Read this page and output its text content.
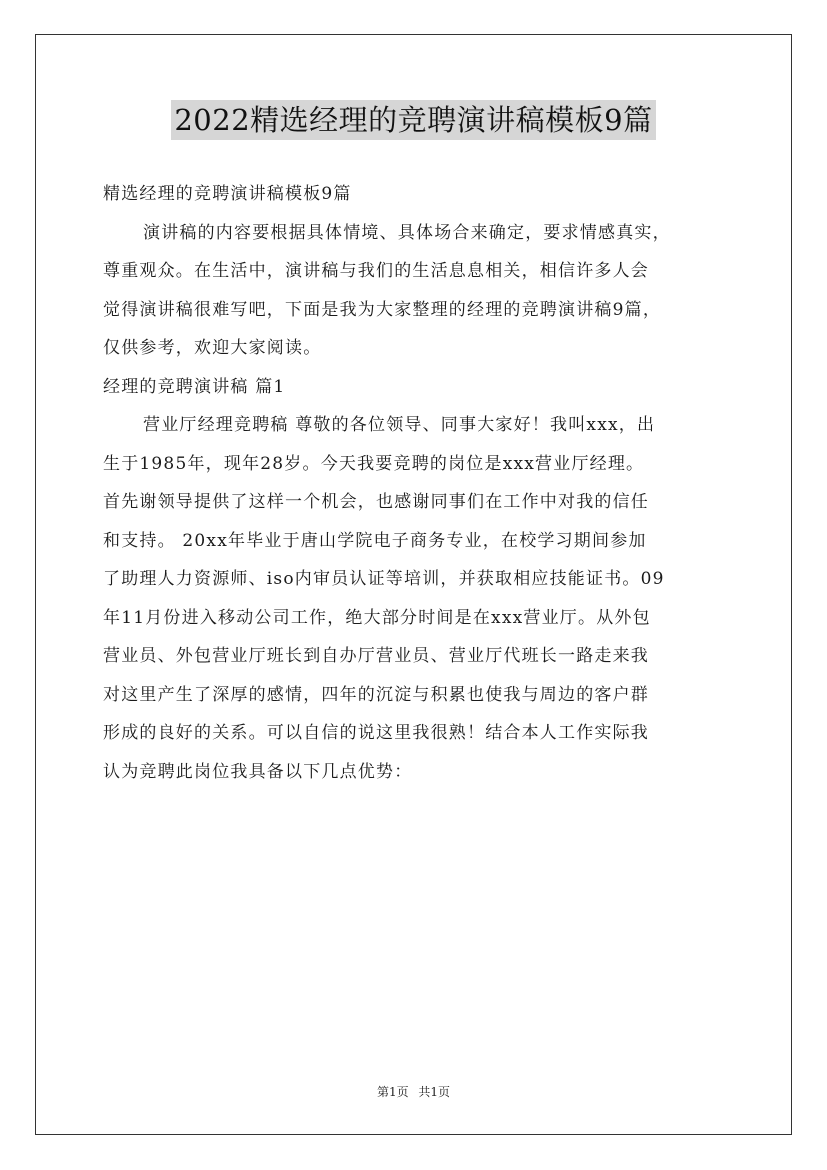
2022精选经理的竞聘演讲稿模板9篇
精选经理的竞聘演讲稿模板9篇
演讲稿的内容要根据具体情境、具体场合来确定，要求情感真实，
尊重观众。在生活中，演讲稿与我们的生活息息相关，相信许多人会
觉得演讲稿很难写吧，下面是我为大家整理的经理的竞聘演讲稿9篇，
仅供参考，欢迎大家阅读。
经理的竞聘演讲稿 篇1
营业厅经理竞聘稿 尊敬的各位领导、同事大家好！我叫xxx，出
生于1985年，现年28岁。今天我要竞聘的岗位是xxx营业厅经理。
首先谢领导提供了这样一个机会，也感谢同事们在工作中对我的信任
和支持。 20xx年毕业于唐山学院电子商务专业，在校学习期间参加
了助理人力资源师、iso内审员认证等培训，并获取相应技能证书。09
年11月份进入移动公司工作，绝大部分时间是在xxx营业厅。从外包
营业员、外包营业厅班长到自办厅营业员、营业厅代班长一路走来我
对这里产生了深厚的感情，四年的沉淀与积累也使我与周边的客户群
形成的良好的关系。可以自信的说这里我很熟！结合本人工作实际我
认为竞聘此岗位我具备以下几点优势：
第1页 共1页
